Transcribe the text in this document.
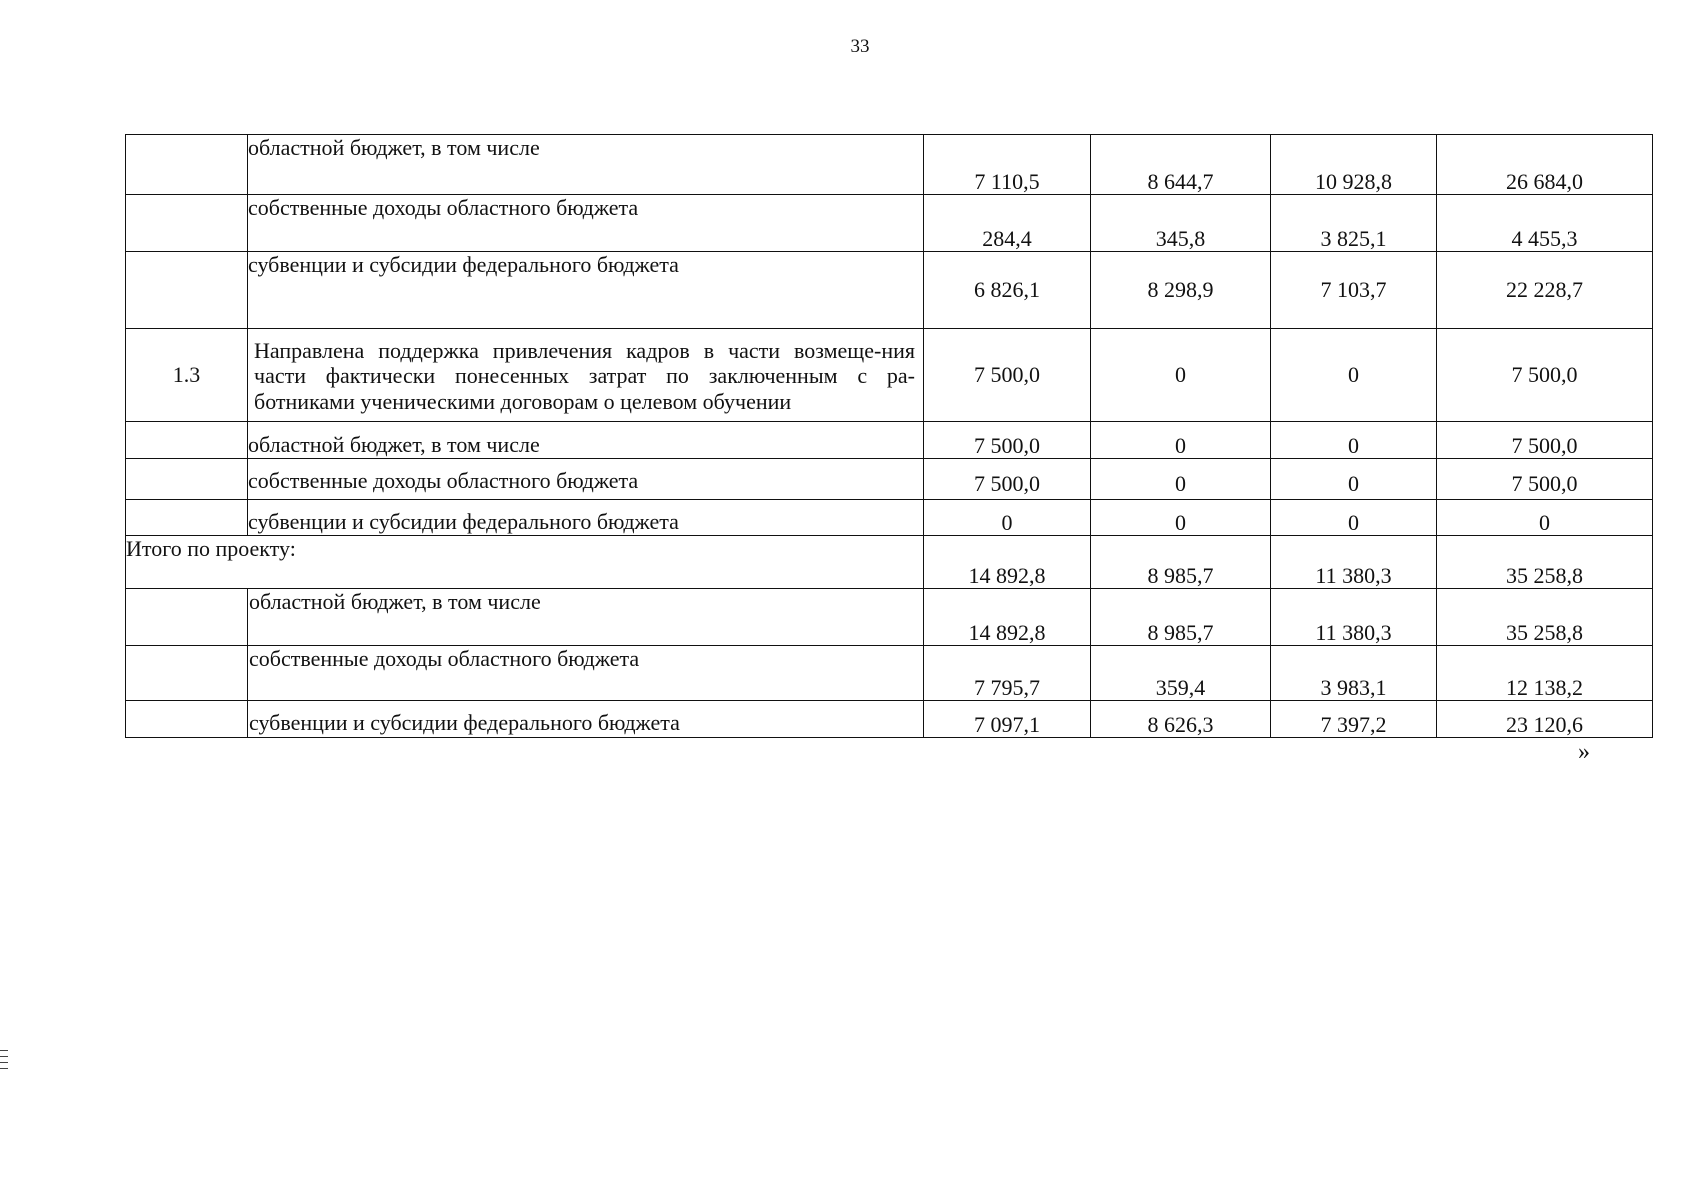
33
	областной бюджет, в том числе	7 110,5	8 644,7	10 928,8	26 684,0
	собственные доходы областного бюджета	284,4	345,8	3 825,1	4 455,3
	субвенции и субсидии федерального бюджета	6 826,1	8 298,9	7 103,7	22 228,7
1.3	Направлена поддержка привлечения кадров в части возмеще-ния части фактически понесенных затрат по заключенным с ра-ботниками ученическими договорам о целевом обучении	7 500,0	0	0	7 500,0
	областной бюджет, в том числе	7 500,0	0	0	7 500,0
	собственные доходы областного бюджета	7 500,0	0	0	7 500,0
	субвенции и субсидии федерального бюджета	0	0	0	0
Итого по проекту:		14 892,8	8 985,7	11 380,3	35 258,8
	областной бюджет, в том числе	14 892,8	8 985,7	11 380,3	35 258,8
	собственные доходы областного бюджета	7 795,7	359,4	3 983,1	12 138,2
	субвенции и субсидии федерального бюджета	7 097,1	8 626,3	7 397,2	23 120,6
»
